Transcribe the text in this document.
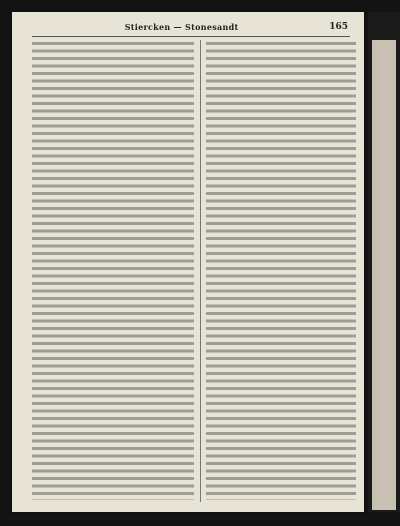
Stiercken — Stonesandt	165
